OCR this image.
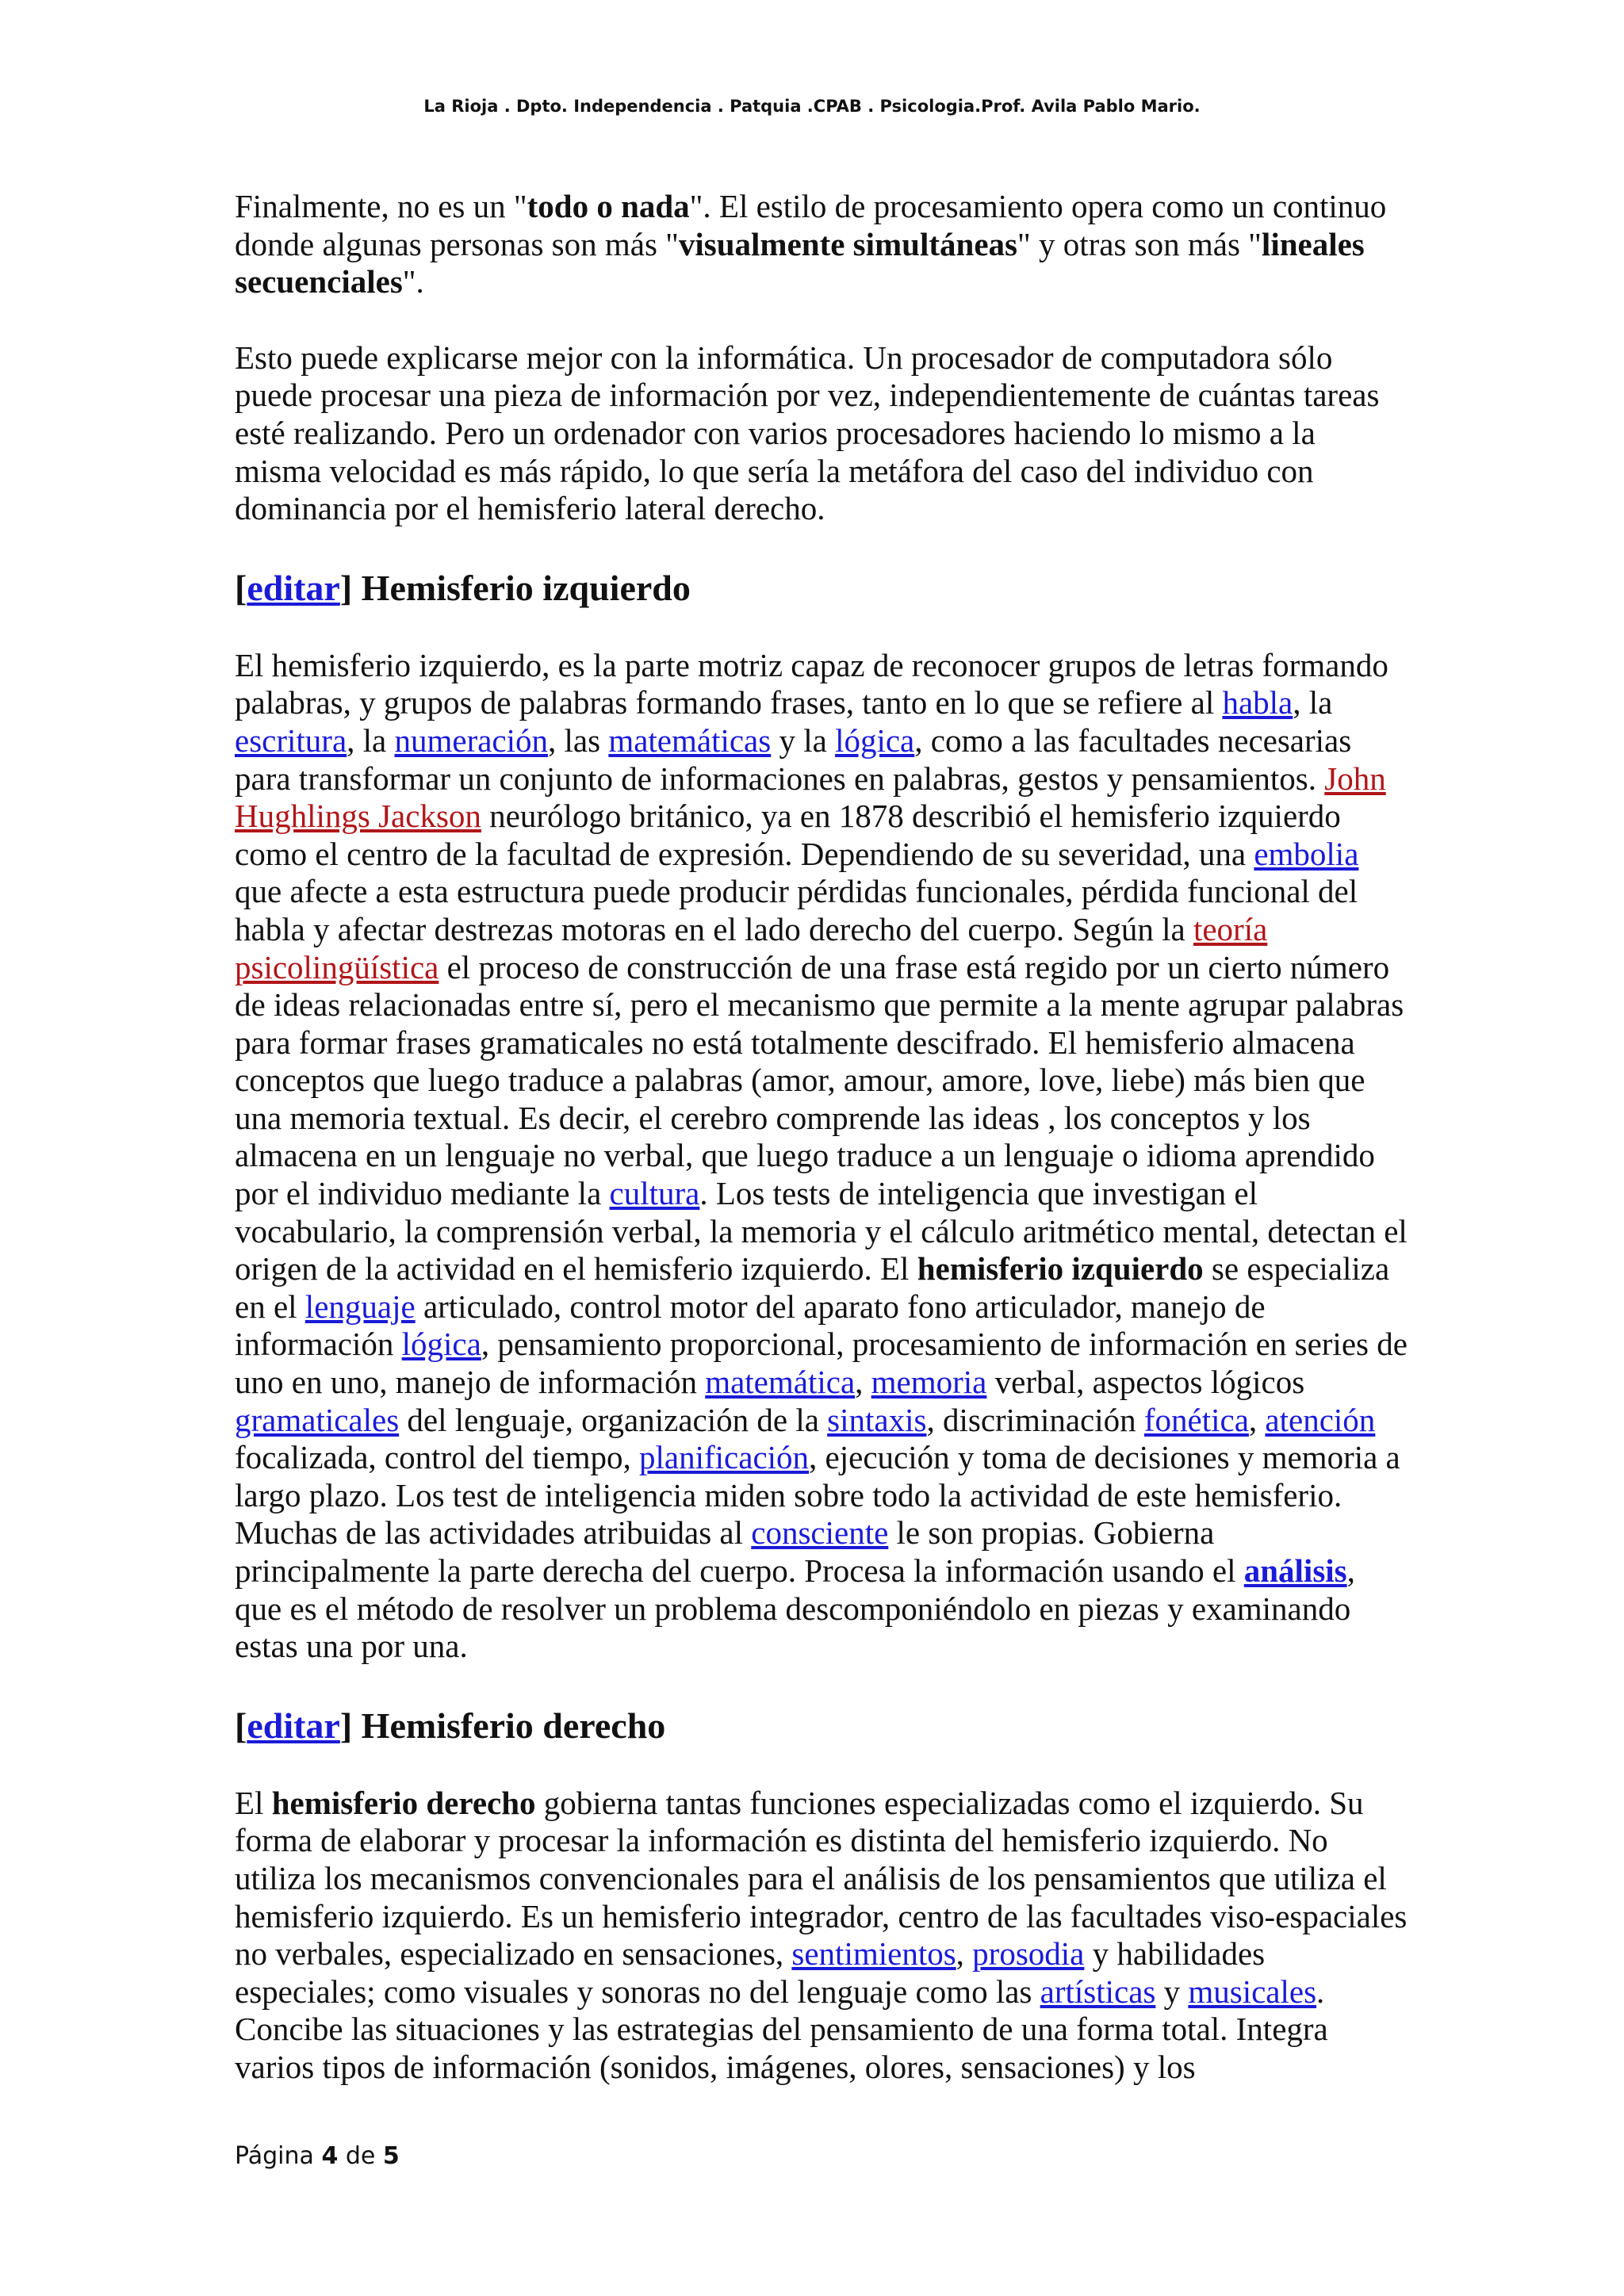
La Rioja . Dpto. Independencia . Patquia .CPAB . Psicologia.Prof. Avila Pablo Mario.

Finalmente, no es un "todo o nada". El estilo de procesamiento opera como un continuo donde algunas personas son más "visualmente simultáneas" y otras son más "lineales secuenciales".

Esto puede explicarse mejor con la informática. Un procesador de computadora sólo puede procesar una pieza de información por vez, independientemente de cuántas tareas esté realizando. Pero un ordenador con varios procesadores haciendo lo mismo a la misma velocidad es más rápido, lo que sería la metáfora del caso del individuo con dominancia por el hemisferio lateral derecho.

[editar] Hemisferio izquierdo

El hemisferio izquierdo, es la parte motriz capaz de reconocer grupos de letras formando palabras, y grupos de palabras formando frases, tanto en lo que se refiere al habla, la escritura, la numeración, las matemáticas y la lógica, como a las facultades necesarias para transformar un conjunto de informaciones en palabras, gestos y pensamientos. John Hughlings Jackson neurólogo británico, ya en 1878 describió el hemisferio izquierdo como el centro de la facultad de expresión. Dependiendo de su severidad, una embolia que afecte a esta estructura puede producir pérdidas funcionales, pérdida funcional del habla y afectar destrezas motoras en el lado derecho del cuerpo. Según la teoría psicolingüística el proceso de construcción de una frase está regido por un cierto número de ideas relacionadas entre sí, pero el mecanismo que permite a la mente agrupar palabras para formar frases gramaticales no está totalmente descifrado. El hemisferio almacena conceptos que luego traduce a palabras (amor, amour, amore, love, liebe) más bien que una memoria textual. Es decir, el cerebro comprende las ideas , los conceptos y los almacena en un lenguaje no verbal, que luego traduce a un lenguaje o idioma aprendido por el individuo mediante la cultura. Los tests de inteligencia que investigan el vocabulario, la comprensión verbal, la memoria y el cálculo aritmético mental, detectan el origen de la actividad en el hemisferio izquierdo. El hemisferio izquierdo se especializa en el lenguaje articulado, control motor del aparato fono articulador, manejo de información lógica, pensamiento proporcional, procesamiento de información en series de uno en uno, manejo de información matemática, memoria verbal, aspectos lógicos gramaticales del lenguaje, organización de la sintaxis, discriminación fonética, atención focalizada, control del tiempo, planificación, ejecución y toma de decisiones y memoria a largo plazo. Los test de inteligencia miden sobre todo la actividad de este hemisferio. Muchas de las actividades atribuidas al consciente le son propias. Gobierna principalmente la parte derecha del cuerpo. Procesa la información usando el análisis, que es el método de resolver un problema descomponiéndolo en piezas y examinando estas una por una.

[editar] Hemisferio derecho

El hemisferio derecho gobierna tantas funciones especializadas como el izquierdo. Su forma de elaborar y procesar la información es distinta del hemisferio izquierdo. No utiliza los mecanismos convencionales para el análisis de los pensamientos que utiliza el hemisferio izquierdo. Es un hemisferio integrador, centro de las facultades viso-espaciales no verbales, especializado en sensaciones, sentimientos, prosodia y habilidades especiales; como visuales y sonoras no del lenguaje como las artísticas y musicales. Concibe las situaciones y las estrategias del pensamiento de una forma total. Integra varios tipos de información (sonidos, imágenes, olores, sensaciones) y los

Página 4 de 5
